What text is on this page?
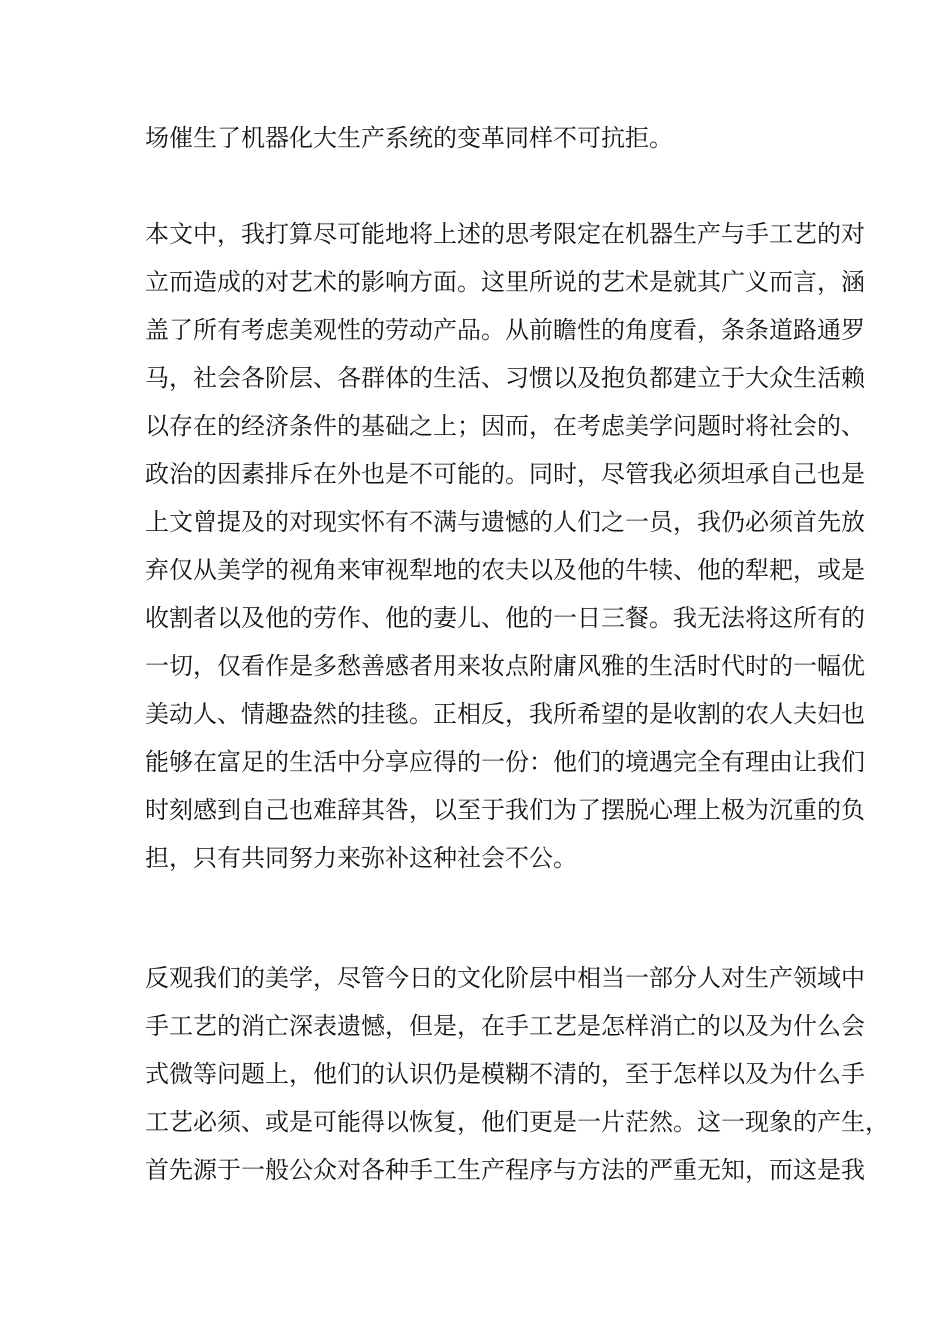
场催生了机器化大生产系统的变革同样不可抗拒。
本文中，我打算尽可能地将上述的思考限定在机器生产与手工艺的对
立而造成的对艺术的影响方面。这里所说的艺术是就其广义而言，涵
盖了所有考虑美观性的劳动产品。从前瞻性的角度看，条条道路通罗
马，社会各阶层、各群体的生活、习惯以及抱负都建立于大众生活赖
以存在的经济条件的基础之上；因而，在考虑美学问题时将社会的、
政治的因素排斥在外也是不可能的。同时，尽管我必须坦承自己也是
上文曾提及的对现实怀有不满与遗憾的人们之一员，我仍必须首先放
弃仅从美学的视角来审视犁地的农夫以及他的牛犊、他的犁耙，或是
收割者以及他的劳作、他的妻儿、他的一日三餐。我无法将这所有的
一切，仅看作是多愁善感者用来妆点附庸风雅的生活时代时的一幅优
美动人、情趣盎然的挂毯。正相反，我所希望的是收割的农人夫妇也
能够在富足的生活中分享应得的一份：他们的境遇完全有理由让我们
时刻感到自己也难辞其咎，以至于我们为了摆脱心理上极为沉重的负
担，只有共同努力来弥补这种社会不公。
反观我们的美学，尽管今日的文化阶层中相当一部分人对生产领域中
手工艺的消亡深表遗憾，但是，在手工艺是怎样消亡的以及为什么会
式微等问题上，他们的认识仍是模糊不清的，至于怎样以及为什么手
工艺必须、或是可能得以恢复，他们更是一片茫然。这一现象的产生，
首先源于一般公众对各种手工生产程序与方法的严重无知，而这是我
